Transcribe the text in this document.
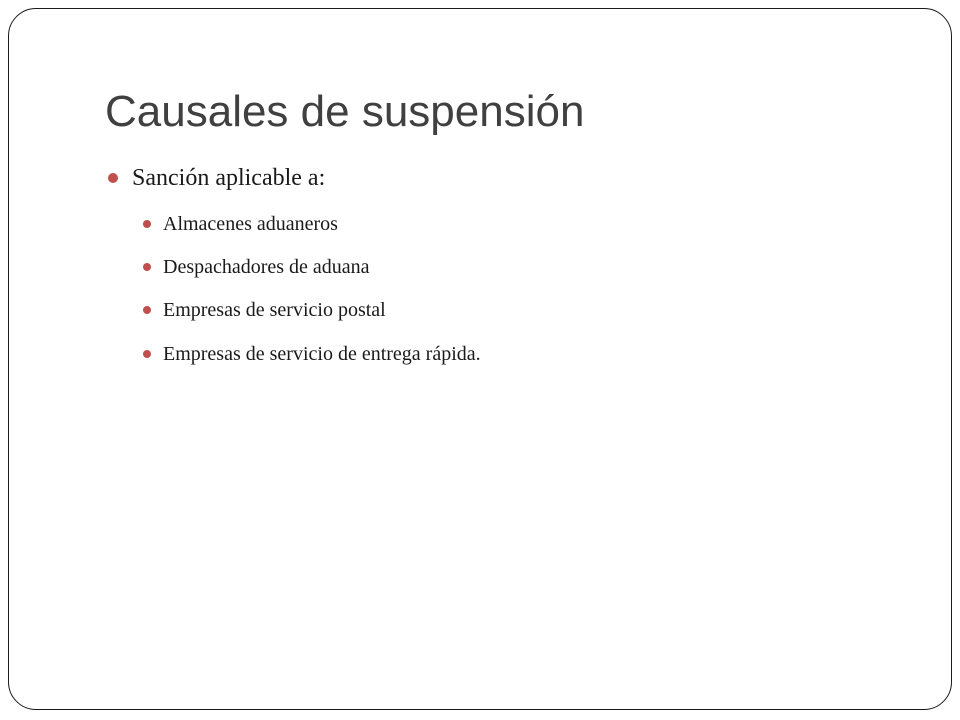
Causales de suspensión
Sanción aplicable a:
Almacenes aduaneros
Despachadores de aduana
Empresas de servicio postal
Empresas de servicio de entrega rápida.
